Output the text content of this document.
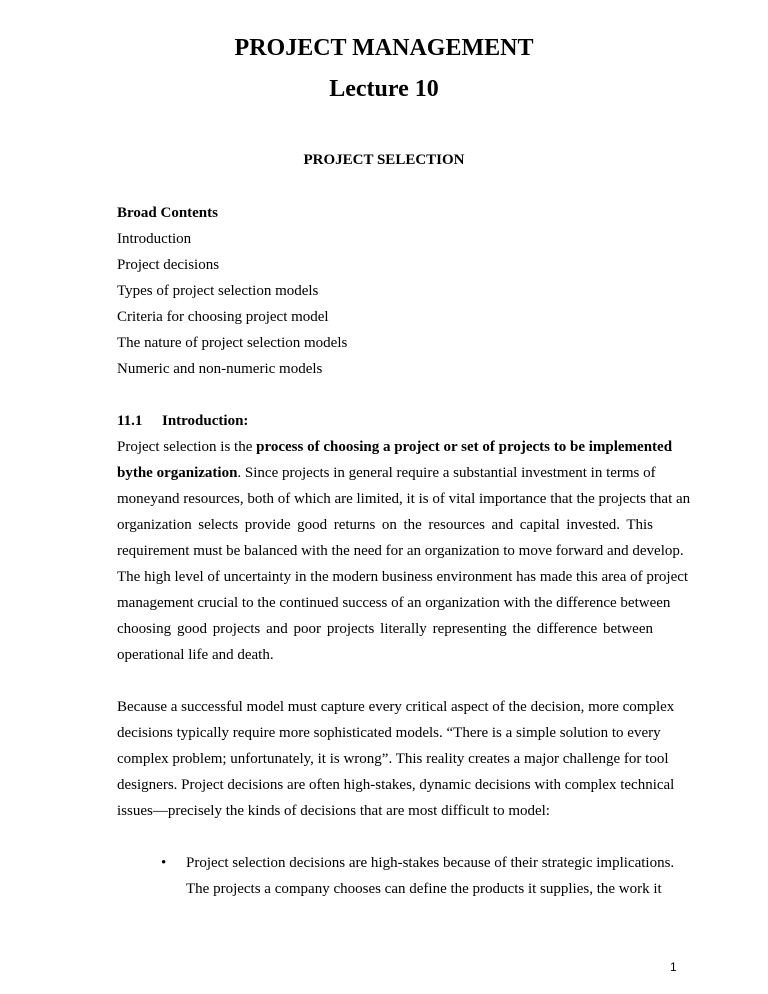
PROJECT MANAGEMENT
Lecture 10
PROJECT SELECTION
Broad Contents
Introduction
Project decisions
Types of project selection models
Criteria for choosing project model
The nature of project selection models
Numeric and non-numeric models
11.1 Introduction:
Project selection is the process of choosing a project or set of projects to be implemented
bythe organization. Since projects in general require a substantial investment in terms of
moneyand resources, both of which are limited, it is of vital importance that the projects that an
organization selects provide good returns on the resources and capital invested. This
requirement must be balanced with the need for an organization to move forward and develop.
The high level of uncertainty in the modern business environment has made this area of project
management crucial to the continued success of an organization with the difference between
choosing good projects and poor projects literally representing the difference between
operational life and death.
Because a successful model must capture every critical aspect of the decision, more complex
decisions typically require more sophisticated models. “There is a simple solution to every
complex problem; unfortunately, it is wrong”. This reality creates a major challenge for tool
designers. Project decisions are often high-stakes, dynamic decisions with complex technical
issues—precisely the kinds of decisions that are most difficult to model:
• Project selection decisions are high-stakes because of their strategic implications.
The projects a company chooses can define the products it supplies, the work it
1
